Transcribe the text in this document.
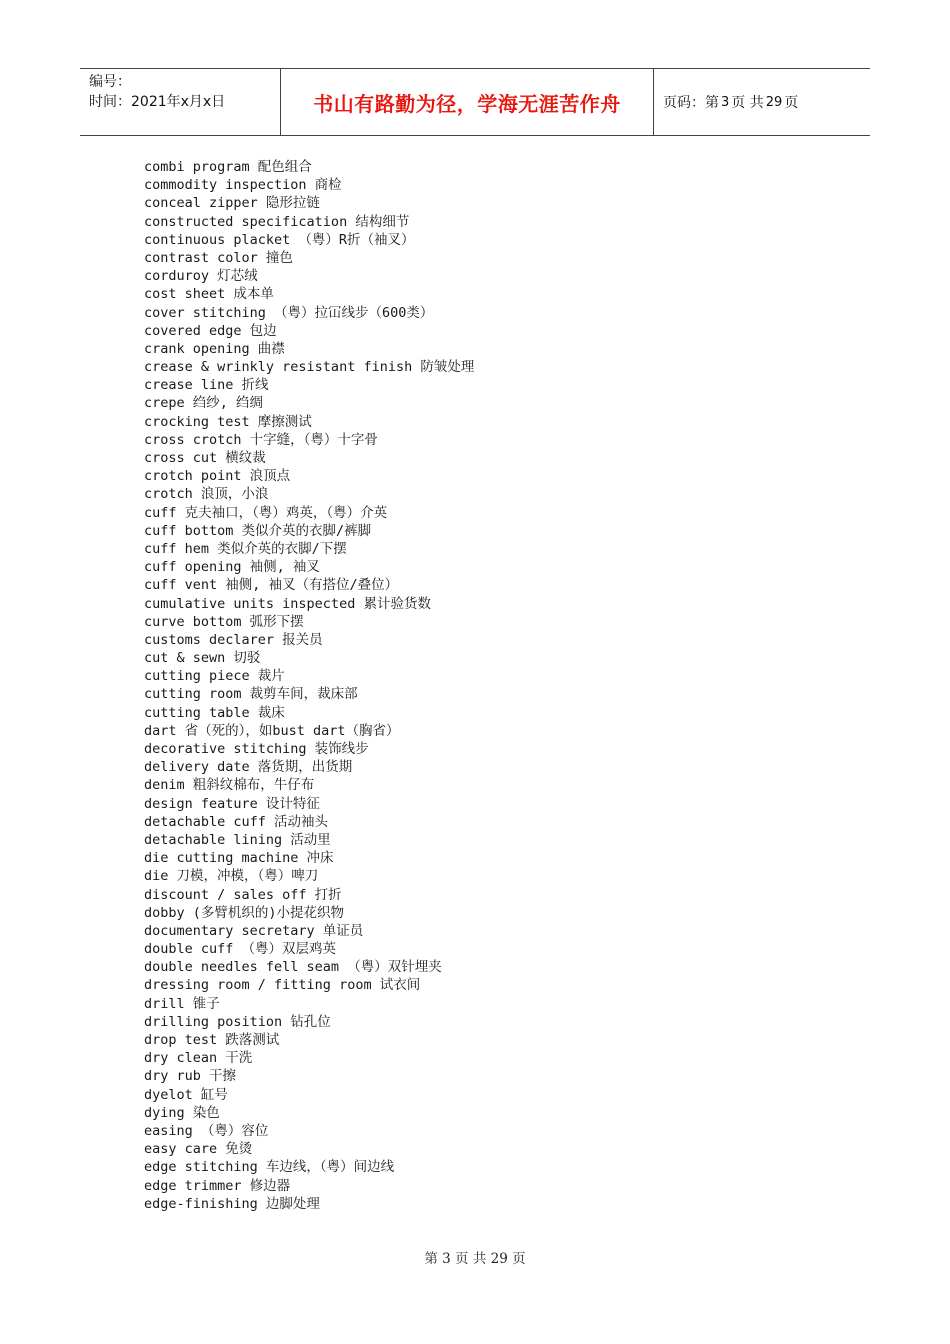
编号：
时间：2021年x月x日	书山有路勤为径，学海无涯苦作舟	页码：第 3 页 共 29 页
combi program 配色组合
commodity inspection 商检
conceal zipper 隐形拉链
constructed specification 结构细节
continuous placket （粤）R折（袖叉）
contrast color 撞色
corduroy 灯芯绒
cost sheet 成本单
cover stitching （粤）拉冚线步（600类）
covered edge 包边
crank opening 曲襟
crease & wrinkly resistant finish 防皱处理
crease line 折线
crepe 绉纱, 绉绸
crocking test 摩擦测试
cross crotch 十字缝，（粤）十字骨
cross cut 横纹裁
crotch point 浪顶点
crotch 浪顶，小浪
cuff 克夫袖口，（粤）鸡英，（粤）介英
cuff bottom 类似介英的衣脚/裤脚
cuff hem 类似介英的衣脚/下摆
cuff opening 袖侧, 袖叉
cuff vent 袖侧, 袖叉（有搭位/叠位）
cumulative units inspected 累计验货数
curve bottom 弧形下摆
customs declarer 报关员
cut & sewn 切驳
cutting piece 裁片
cutting room 裁剪车间，裁床部
cutting table 裁床
dart 省（死的），如bust dart（胸省）
decorative stitching 装饰线步
delivery date 落货期，出货期
denim 粗斜纹棉布，牛仔布
design feature 设计特征
detachable cuff 活动袖头
detachable lining 活动里
die cutting machine 冲床
die 刀模，冲模，（粤）啤刀
discount / sales off 打折
dobby (多臂机织的)小提花织物
documentary secretary 单证员
double cuff （粤）双层鸡英
double needles fell seam （粤）双针埋夹
dressing room / fitting room 试衣间
drill 锥子
drilling position 钻孔位
drop test 跌落测试
dry clean 干洗
dry rub 干擦
dyelot 缸号
dying 染色
easing （粤）容位
easy care 免烫
edge stitching 车边线，（粤）间边线
edge trimmer 修边器
edge-finishing 边脚处理
第 3 页 共 29 页
